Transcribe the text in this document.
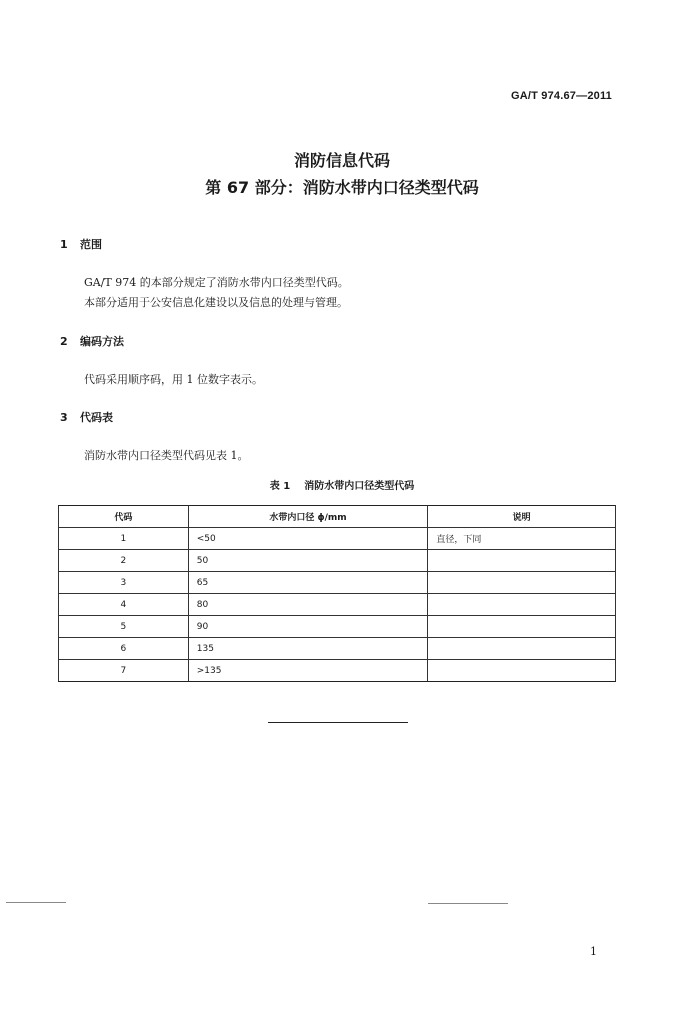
GA/T 974.67—2011
消防信息代码
第 67 部分：消防水带内口径类型代码
1 范围
GA/T 974 的本部分规定了消防水带内口径类型代码。
本部分适用于公安信息化建设以及信息的处理与管理。
2 编码方法
代码采用顺序码，用 1 位数字表示。
3 代码表
消防水带内口径类型代码见表 1。
表 1 消防水带内口径类型代码
代码	水带内口径 ϕ/mm	说明
1	<50	直径，下同
2	50	
3	65	
4	80	
5	90	
6	135	
7	>135	
1
